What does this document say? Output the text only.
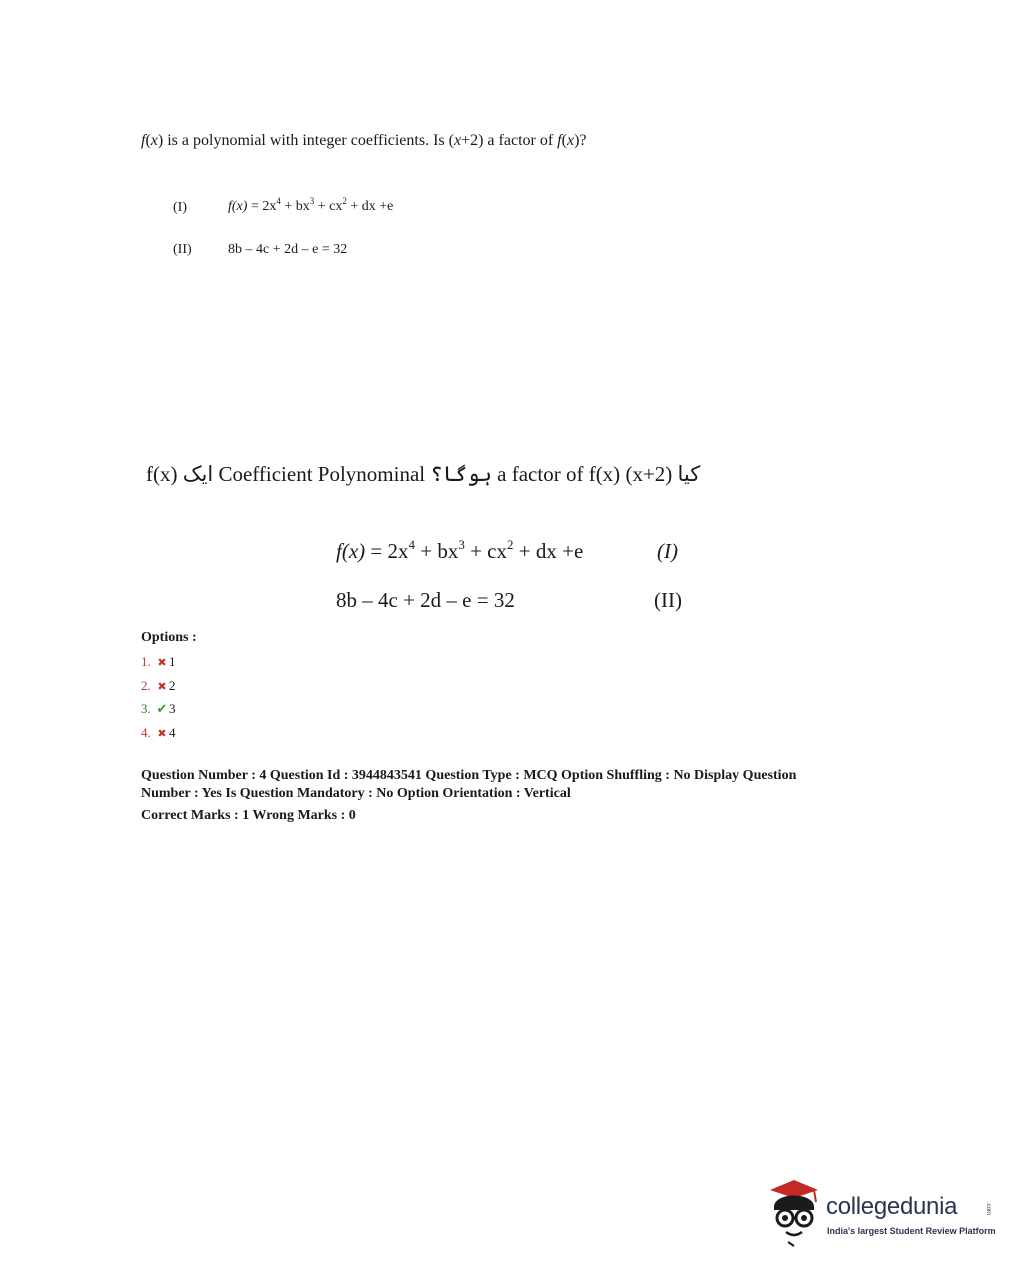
f(x) is a polynomial with integer coefficients. Is (x+2) a factor of f(x)?
(I)	$f(x) = 2x^4 + bx^3 + cx^2$ + dx +e
(II)	8b – 4c + 2d – e = 32
کیا (x+2) a factor of f(x) ہوگا؟ Coefficient Polynominal ایک f(x)
$f(x) = 2x^4 + bx^3 + cx^2$ + dx +e	(I)
8b – 4c + 2d – e = 32	(II)
Options :
1. ✖ 1
2. ✖ 2
3. ✔ 3
4. ✖ 4
Question Number : 4 Question Id : 3944843541 Question Type : MCQ Option Shuffling : No Display Question
Number : Yes Is Question Mandatory : No Option Orientation : Vertical
Correct Marks : 1 Wrong Marks : 0
collegedunia	.com
India's largest Student Review Platform
